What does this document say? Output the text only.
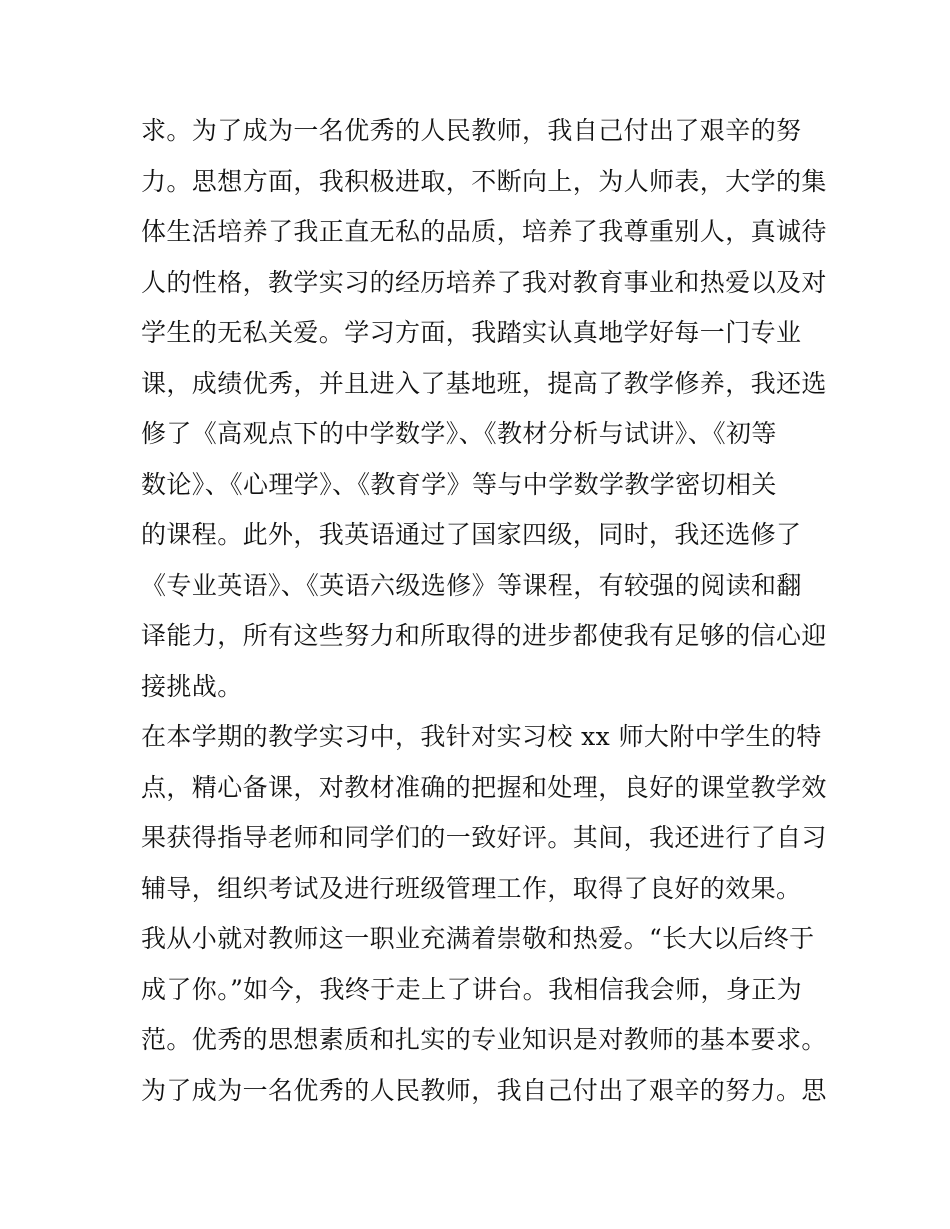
求。为了成为一名优秀的人民教师，我自己付出了艰辛的努
力。思想方面，我积极进取，不断向上，为人师表，大学的集
体生活培养了我正直无私的品质，培养了我尊重别人，真诚待
人的性格，教学实习的经历培养了我对教育事业和热爱以及对
学生的无私关爱。学习方面，我踏实认真地学好每一门专业
课，成绩优秀，并且进入了基地班，提高了教学修养，我还选
修了《高观点下的中学数学》、《教材分析与试讲》、《初等
数论》、《心理学》、《教育学》等与中学数学教学密切相关
的课程。此外，我英语通过了国家四级，同时，我还选修了
《专业英语》、《英语六级选修》等课程，有较强的阅读和翻
译能力，所有这些努力和所取得的进步都使我有足够的信心迎
接挑战。
在本学期的教学实习中，我针对实习校 xx 师大附中学生的特
点，精心备课，对教材准确的把握和处理，良好的课堂教学效
果获得指导老师和同学们的一致好评。其间，我还进行了自习
辅导，组织考试及进行班级管理工作，取得了良好的效果。
我从小就对教师这一职业充满着崇敬和热爱。“长大以后终于
成了你。”如今，我终于走上了讲台。我相信我会师，身正为
范。优秀的思想素质和扎实的专业知识是对教师的基本要求。
为了成为一名优秀的人民教师，我自己付出了艰辛的努力。思
